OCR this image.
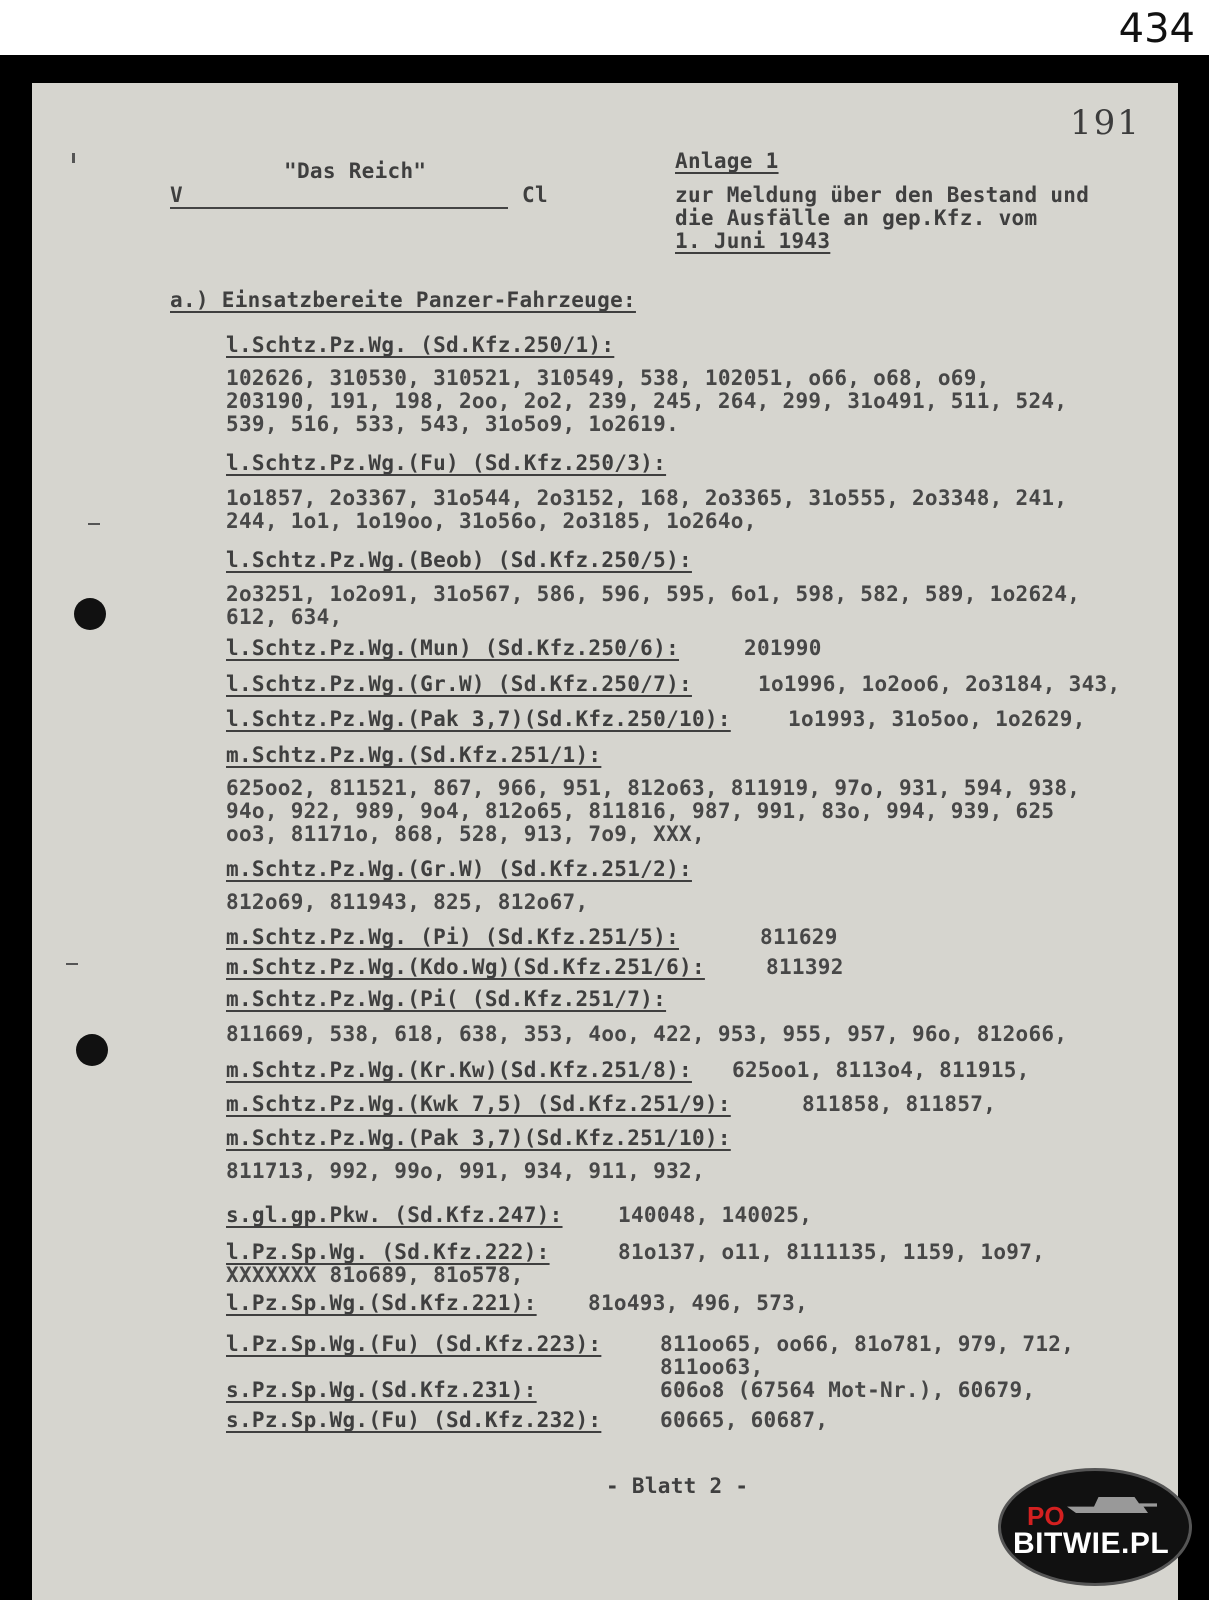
434
191
"Das Reich"
V	Cl
Anlage 1
zur Meldung über den Bestand und
die Ausfälle an gep.Kfz. vom
1. Juni 1943
a.) Einsatzbereite Panzer-Fahrzeuge:
l.Schtz.Pz.Wg. (Sd.Kfz.250/1):
102626, 310530, 310521, 310549, 538, 102051, o66, o68, o69,
203190, 191, 198, 2oo, 2o2, 239, 245, 264, 299, 31o491, 511, 524,
539, 516, 533, 543, 31o5o9, 1o2619.
l.Schtz.Pz.Wg.(Fu) (Sd.Kfz.250/3):
1o1857, 2o3367, 31o544, 2o3152, 168, 2o3365, 31o555, 2o3348, 241,
244, 1o1, 1o19oo, 31o56o, 2o3185, 1o264o,
l.Schtz.Pz.Wg.(Beob) (Sd.Kfz.250/5):
2o3251, 1o2o91, 31o567, 586, 596, 595, 6o1, 598, 582, 589, 1o2624,
612, 634,
l.Schtz.Pz.Wg.(Mun) (Sd.Kfz.250/6):	201990
l.Schtz.Pz.Wg.(Gr.W) (Sd.Kfz.250/7):	1o1996, 1o2oo6, 2o3184, 343,
l.Schtz.Pz.Wg.(Pak 3,7)(Sd.Kfz.250/10):	1o1993, 31o5oo, 1o2629,
m.Schtz.Pz.Wg.(Sd.Kfz.251/1):
625oo2, 811521, 867, 966, 951, 812o63, 811919, 97o, 931, 594, 938,
94o, 922, 989, 9o4, 812o65, 811816, 987, 991, 83o, 994, 939, 625
oo3, 81171o, 868, 528, 913, 7o9, XXX,
m.Schtz.Pz.Wg.(Gr.W) (Sd.Kfz.251/2):
812o69, 811943, 825, 812o67,
m.Schtz.Pz.Wg. (Pi) (Sd.Kfz.251/5):	811629
m.Schtz.Pz.Wg.(Kdo.Wg)(Sd.Kfz.251/6):	811392
m.Schtz.Pz.Wg.(Pi( (Sd.Kfz.251/7):
811669, 538, 618, 638, 353, 4oo, 422, 953, 955, 957, 96o, 812o66,
m.Schtz.Pz.Wg.(Kr.Kw)(Sd.Kfz.251/8): 625oo1, 8113o4, 811915,
m.Schtz.Pz.Wg.(Kwk 7,5) (Sd.Kfz.251/9):	811858, 811857,
m.Schtz.Pz.Wg.(Pak 3,7)(Sd.Kfz.251/10):
811713, 992, 99o, 991, 934, 911, 932,
s.gl.gp.Pkw. (Sd.Kfz.247):	140048, 140025,
l.Pz.Sp.Wg. (Sd.Kfz.222):	81o137, o11, 8111135, 1159, 1o97,
XXXXXXX 81o689, 81o578,
l.Pz.Sp.Wg.(Sd.Kfz.221): 81o493, 496, 573,
l.Pz.Sp.Wg.(Fu) (Sd.Kfz.223):	811oo65, oo66, 81o781, 979, 712,
811oo63,
s.Pz.Sp.Wg.(Sd.Kfz.231):	606o8 (67564 Mot-Nr.), 60679,
s.Pz.Sp.Wg.(Fu) (Sd.Kfz.232):	60665, 60687,
- Blatt 2 -
PO
BITWIE.PL
